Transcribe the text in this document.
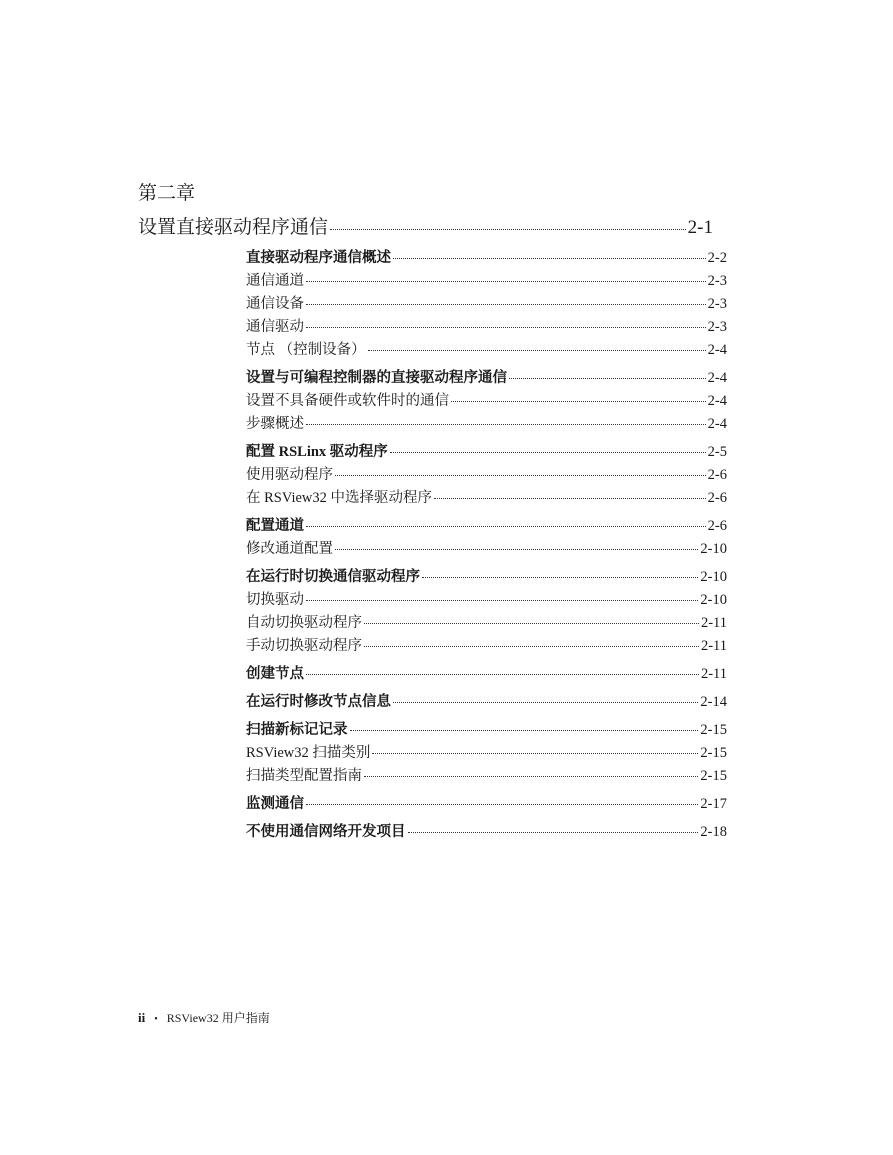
第二章
设置直接驱动程序通信	2-1
直接驱动程序通信概述	2-2
通信通道	2-3
通信设备	2-3
通信驱动	2-3
节点 （控制设备）	2-4
设置与可编程控制器的直接驱动程序通信	2-4
设置不具备硬件或软件时的通信	2-4
步骤概述	2-4
配置 RSLinx 驱动程序	2-5
使用驱动程序	2-6
在 RSView32 中选择驱动程序	2-6
配置通道	2-6
修改通道配置	2-10
在运行时切换通信驱动程序	2-10
切换驱动	2-10
自动切换驱动程序	2-11
手动切换驱动程序	2-11
创建节点	2-11
在运行时修改节点信息	2-14
扫描新标记记录	2-15
RSView32 扫描类别	2-15
扫描类型配置指南	2-15
监测通信	2-17
不使用通信网络开发项目	2-18
ii • RSView32 用户指南
